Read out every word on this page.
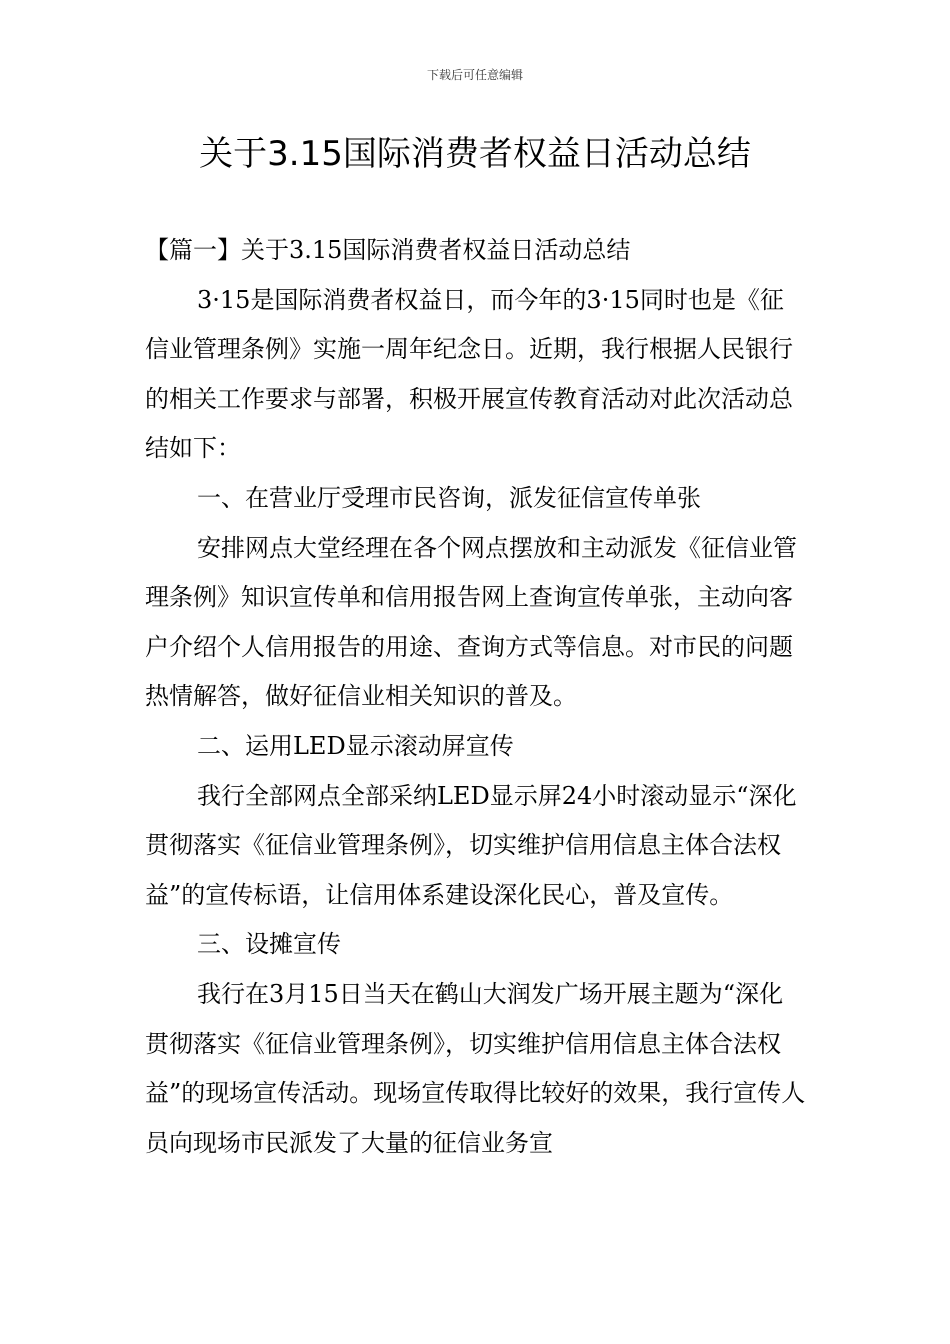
下载后可任意编辑
关于3.15国际消费者权益日活动总结

【篇一】关于3.15国际消费者权益日活动总结

3·15是国际消费者权益日，而今年的3·15同时也是《征信业管理条例》实施一周年纪念日。近期，我行根据人民银行的相关工作要求与部署，积极开展宣传教育活动对此次活动总结如下：

一、在营业厅受理市民咨询，派发征信宣传单张

安排网点大堂经理在各个网点摆放和主动派发《征信业管理条例》知识宣传单和信用报告网上查询宣传单张，主动向客户介绍个人信用报告的用途、查询方式等信息。对市民的问题热情解答，做好征信业相关知识的普及。

二、运用LED显示滚动屏宣传

我行全部网点全部采纳LED显示屏24小时滚动显示“深化贯彻落实《征信业管理条例》，切实维护信用信息主体合法权益”的宣传标语，让信用体系建设深化民心，普及宣传。

三、设摊宣传

我行在3月15日当天在鹤山大润发广场开展主题为“深化贯彻落实《征信业管理条例》，切实维护信用信息主体合法权益”的现场宣传活动。现场宣传取得比较好的效果，我行宣传人员向现场市民派发了大量的征信业务宣
